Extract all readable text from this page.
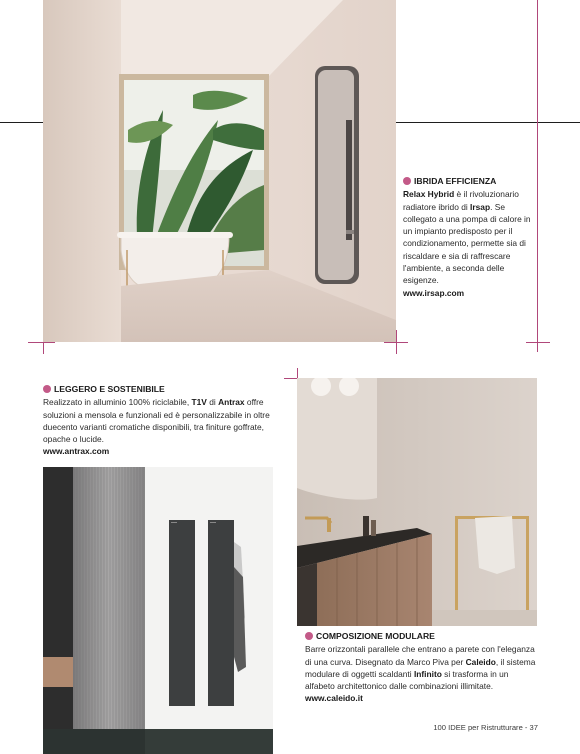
IBRIDA EFFICIENZA
Relax Hybrid è il rivoluzionario radiatore ibrido di Irsap. Se collegato a una pompa di calore in un impianto predisposto per il condizionamento, permette sia di riscaldare e sia di raffrescare l'ambiente, a seconda delle esigenze.
www.irsap.com
LEGGERO E SOSTENIBILE
Realizzato in alluminio 100% riciclabile, T1V di Antrax offre soluzioni a mensola e funzionali ed è personalizzabile in oltre duecento varianti cromatiche disponibili, tra finiture goffrate, opache o lucide.
www.antrax.com
COMPOSIZIONE MODULARE
Barre orizzontali parallele che entrano a parete con l'eleganza di una curva. Disegnato da Marco Piva per Caleido, il sistema modulare di oggetti scaldanti Infinito si trasforma in un alfabeto architettonico dalle combinazioni illimitate.
www.caleido.it
100 IDEE per Ristrutturare - 37
